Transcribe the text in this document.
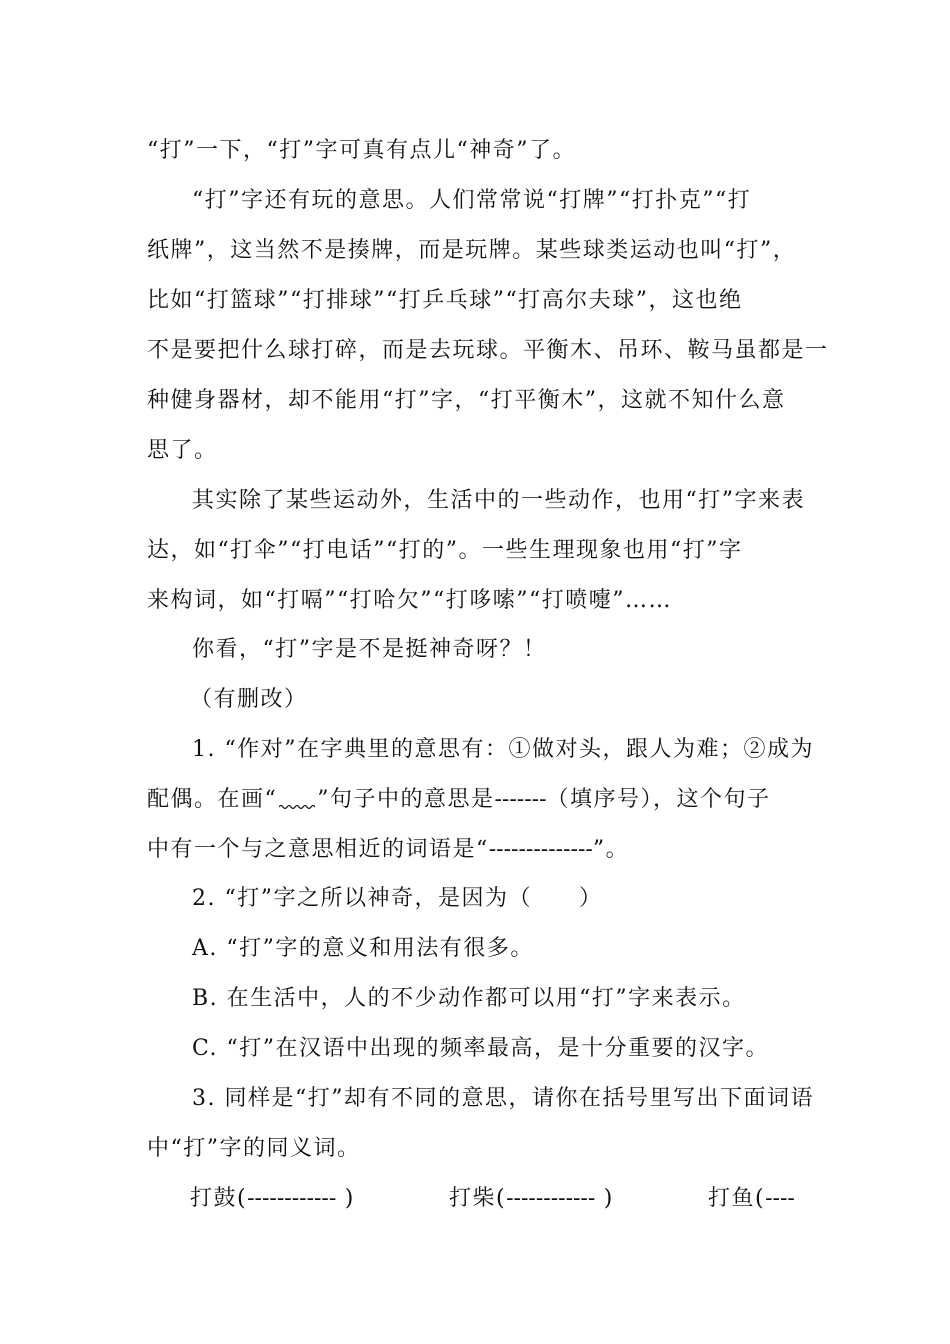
“打”一下，“打”字可真有点儿“神奇”了。

“打”字还有玩的意思。人们常常说“打牌”“打扑克”“打

纸牌”，这当然不是揍牌，而是玩牌。某些球类运动也叫“打”，

比如“打篮球”“打排球”“打乒乓球”“打高尔夫球”，这也绝

不是要把什么球打碎，而是去玩球。平衡木、吊环、鞍马虽都是一

种健身器材，却不能用“打”字，“打平衡木”，这就不知什么意

思了。

其实除了某些运动外，生活中的一些动作，也用“打”字来表

达，如“打伞”“打电话”“打的”。一些生理现象也用“打”字

来构词，如“打嗝”“打哈欠”“打哆嗦”“打喷嚏”……

你看，“打”字是不是挺神奇呀？！

（有删改）

1. “作对”在字典里的意思有：①做对头，跟人为难；②成为

配偶。在画“ ”句子中的意思是-------（填序号），这个句子

中有一个与之意思相近的词语是“--------------”。

2. “打”字之所以神奇，是因为（　　）

A. “打”字的意义和用法有很多。

B. 在生活中，人的不少动作都可以用“打”字来表示。

C. “打”在汉语中出现的频率最高，是十分重要的汉字。

3. 同样是“打”却有不同的意思，请你在括号里写出下面词语

中“打”字的同义词。

打鼓(------------ )	打柴(------------ )	打鱼(----
